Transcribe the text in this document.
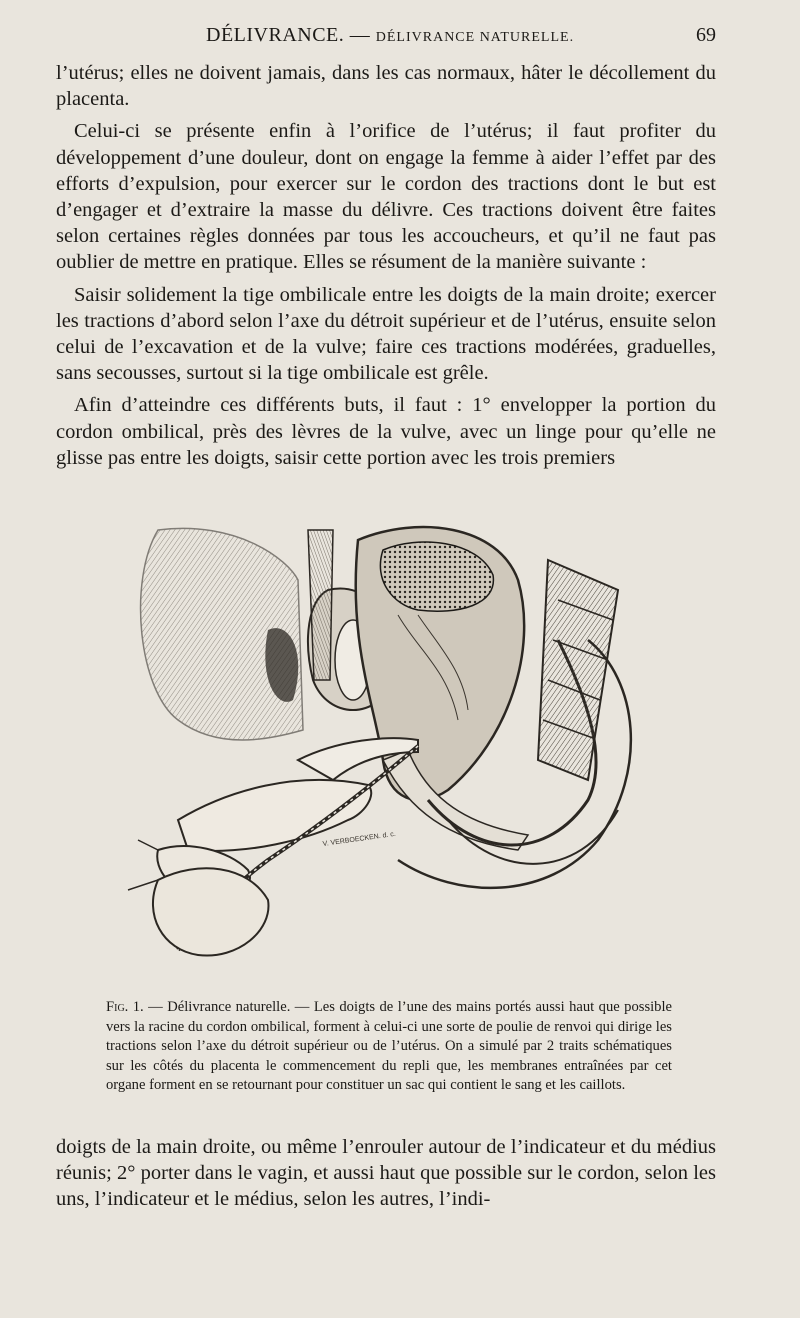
DÉLIVRANCE. — DÉLIVRANCE NATURELLE.	69

l’utérus; elles ne doivent jamais, dans les cas normaux, hâter le décollement du placenta.

Celui-ci se présente enfin à l’orifice de l’utérus; il faut profiter du développement d’une douleur, dont on engage la femme à aider l’effet par des efforts d’expulsion, pour exercer sur le cordon des tractions dont le but est d’engager et d’extraire la masse du délivre. Ces tractions doivent être faites selon certaines règles données par tous les accoucheurs, et qu’il ne faut pas oublier de mettre en pratique. Elles se résument de la manière suivante :

Saisir solidement la tige ombilicale entre les doigts de la main droite; exercer les tractions d’abord selon l’axe du détroit supérieur et de l’utérus, ensuite selon celui de l’excavation et de la vulve; faire ces tractions modérées, graduelles, sans secousses, surtout si la tige ombilicale est grêle.

Afin d’atteindre ces différents buts, il faut : 1° envelopper la portion du cordon ombilical, près des lèvres de la vulve, avec un linge pour qu’elle ne glisse pas entre les doigts, saisir cette portion avec les trois premiers

V. VERBOECKEN. d. c.
Fig. 1. — Délivrance naturelle. — Les doigts de l’une des mains portés aussi haut que possible vers la racine du cordon ombilical, forment à celui-ci une sorte de poulie de renvoi qui dirige les tractions selon l’axe du détroit supérieur ou de l’utérus. On a simulé par 2 traits schématiques sur les côtés du placenta le commencement du repli que, les membranes entraînées par cet organe forment en se retournant pour constituer un sac qui contient le sang et les caillots.

doigts de la main droite, ou même l’enrouler autour de l’indicateur et du médius réunis; 2° porter dans le vagin, et aussi haut que possible sur le cordon, selon les uns, l’indicateur et le médius, selon les autres, l’indi-
